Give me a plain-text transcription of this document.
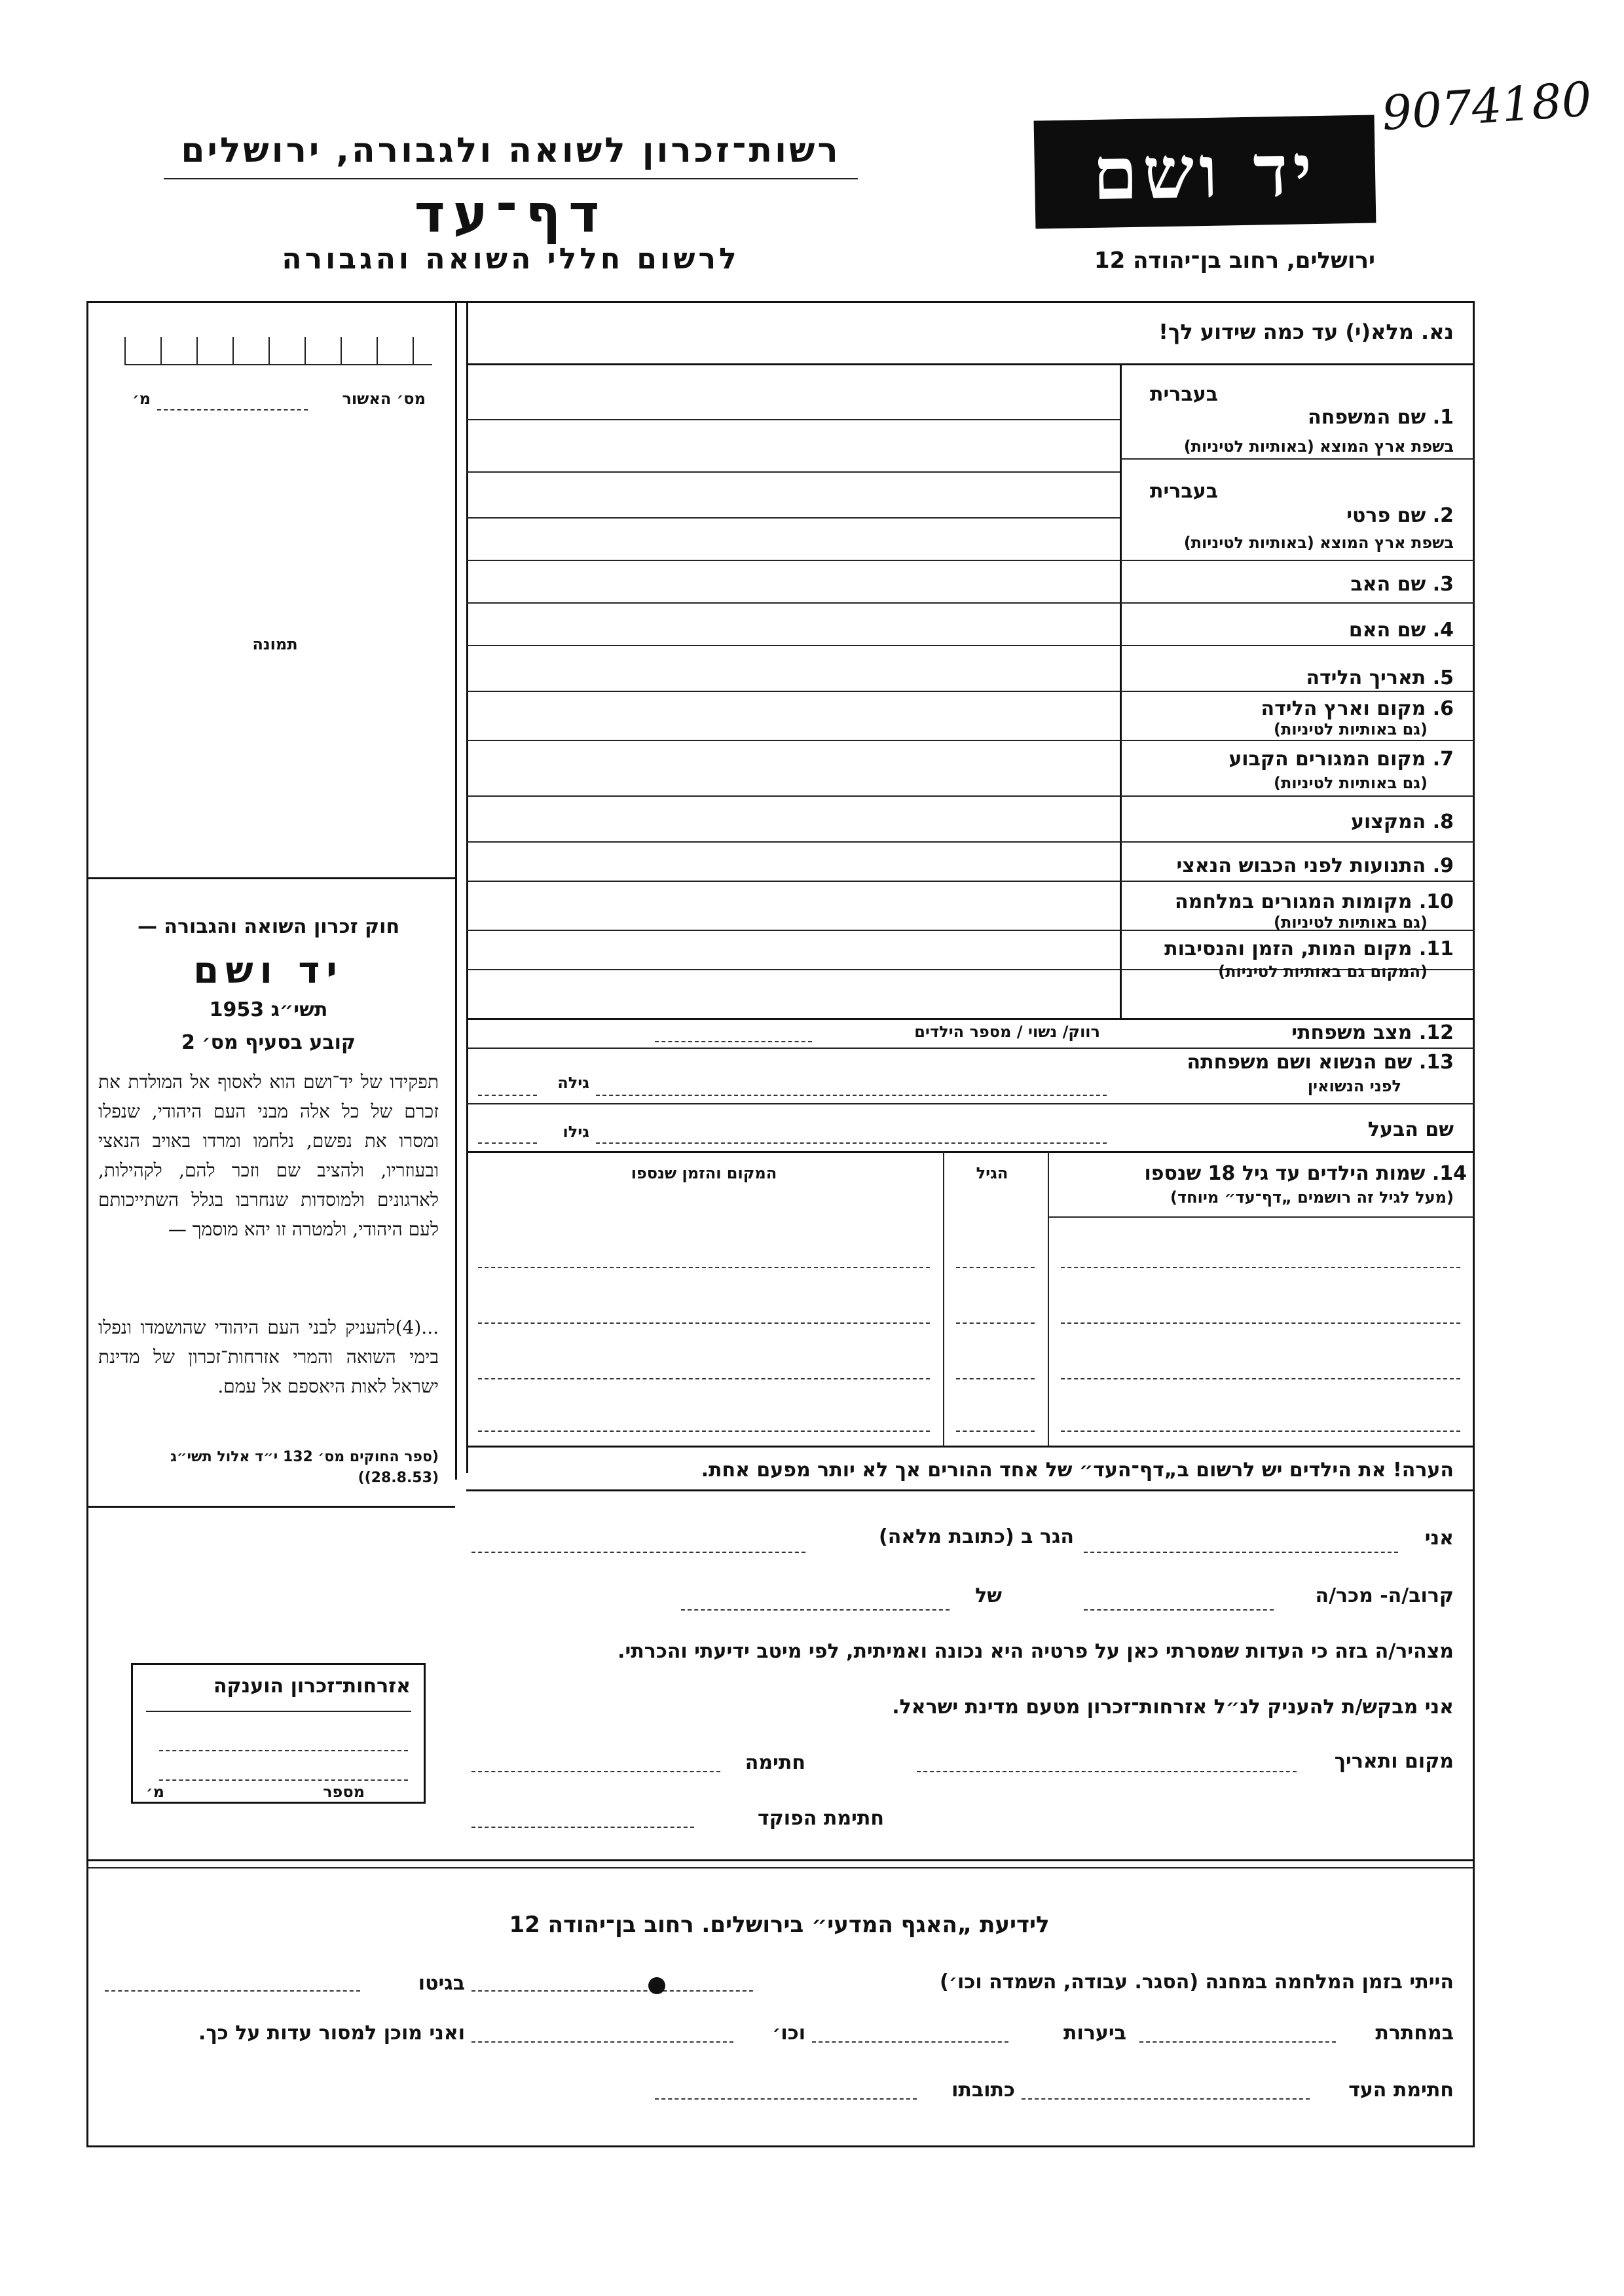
9074180
רשות־זכרון לשואה ולגבורה, ירושלים
דף־עד
לרשום חללי השואה והגבורה
יד ושם
ירושלים, רחוב בן־יהודה 12
נא. מלא(י) עד כמה שידוע לך!
מס׳ האשור
מ׳
תמונה
בעברית
בעברית
1. שם המשפחה
בשפת ארץ המוצא (באותיות לטיניות)
2. שם פרטי
בשפת ארץ המוצא (באותיות לטיניות)
3. שם האב
4. שם האם
5. תאריך הלידה
6. מקום וארץ הלידה
(גם באותיות לטיניות)
7. מקום המגורים הקבוע
(גם באותיות לטיניות)
8. המקצוע
9. התנועות לפני הכבוש הנאצי
10. מקומות המגורים במלחמה
(גם באותיות לטיניות)
11. מקום המות, הזמן והנסיבות
(המקום גם באותיות לטיניות)
12. מצב משפחתי
13. שם הנשוא ושם משפחתה
לפני הנשואין
רווק/ נשוי / מספר הילדים
גילה
שם הבעל
גילו
14. שמות הילדים עד גיל 18 שנספו
(מעל לגיל זה רושמים „דף־עד״ מיוחד)
הגיל
המקום והזמן שנספו
הערה! את הילדים יש לרשום ב„דף־העד״ של אחד ההורים אך לא יותר מפעם אחת.
חוק זכרון השואה והגבורה —
יד ושם
תשי״ג 1953
קובע בסעיף מס׳ 2
תפקידו של יד־ושם הוא לאסוף אל המולדת את זכרם של כל אלה מבני העם היהודי, שנפלו ומסרו את נפשם, נלחמו ומרדו באויב הנאצי ובעוזריו, ולהציב שם וזכר להם, לקהילות, לארגונים ולמוסדות שנחרבו בגלל השתייכותם לעם היהודי, ולמטרה זו יהא מוסמך —
...(4)להעניק לבני העם היהודי שהושמדו ונפלו בימי השואה והמרי אזרחות־זכרון של מדינת ישראל לאות היאספם אל עמם.
(ספר החוקים מס׳ 132 י״ד אלול תשי״ג (28.8.53))
אזרחות־זכרון הוענקה
מספר
מ׳
אני
הגר ב (כתובת מלאה)
קרוב/ה- מכר/ה
של
מצהיר/ה בזה כי העדות שמסרתי כאן על פרטיה היא נכונה ואמיתית, לפי מיטב ידיעתי והכרתי.
אני מבקש/ת להעניק לנ״ל אזרחות־זכרון מטעם מדינת ישראל.
מקום ותאריך
חתימה
חתימת הפוקד
לידיעת „האגף המדעי״ בירושלים. רחוב בן־יהודה 12
הייתי בזמן המלחמה במחנה (הסגר. עבודה, השמדה וכו׳)
בגיטו
במחתרת
ביערות
וכו׳
ואני מוכן למסור עדות על כך.
חתימת העד
כתובתו
